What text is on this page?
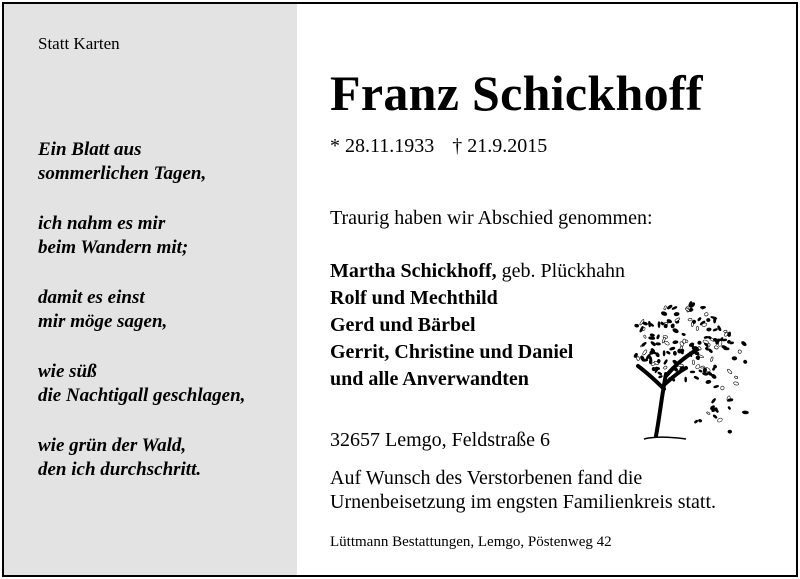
Statt Karten
Ein Blatt aus
sommerlichen Tagen,
ich nahm es mir
beim Wandern mit;
damit es einst
mir möge sagen,
wie süß
die Nachtigall geschlagen,
wie grün der Wald,
den ich durchschritt.
Franz Schickhoff
* 28.11.1933 † 21.9.2015
Traurig haben wir Abschied genommen:
Martha Schickhoff, geb. Plückhahn
Rolf und Mechthild
Gerd und Bärbel
Gerrit, Christine und Daniel
und alle Anverwandten
32657 Lemgo, Feldstraße 6
Auf Wunsch des Verstorbenen fand die
Urnenbeisetzung im engsten Familienkreis statt.
Lüttmann Bestattungen, Lemgo, Pöstenweg 42
